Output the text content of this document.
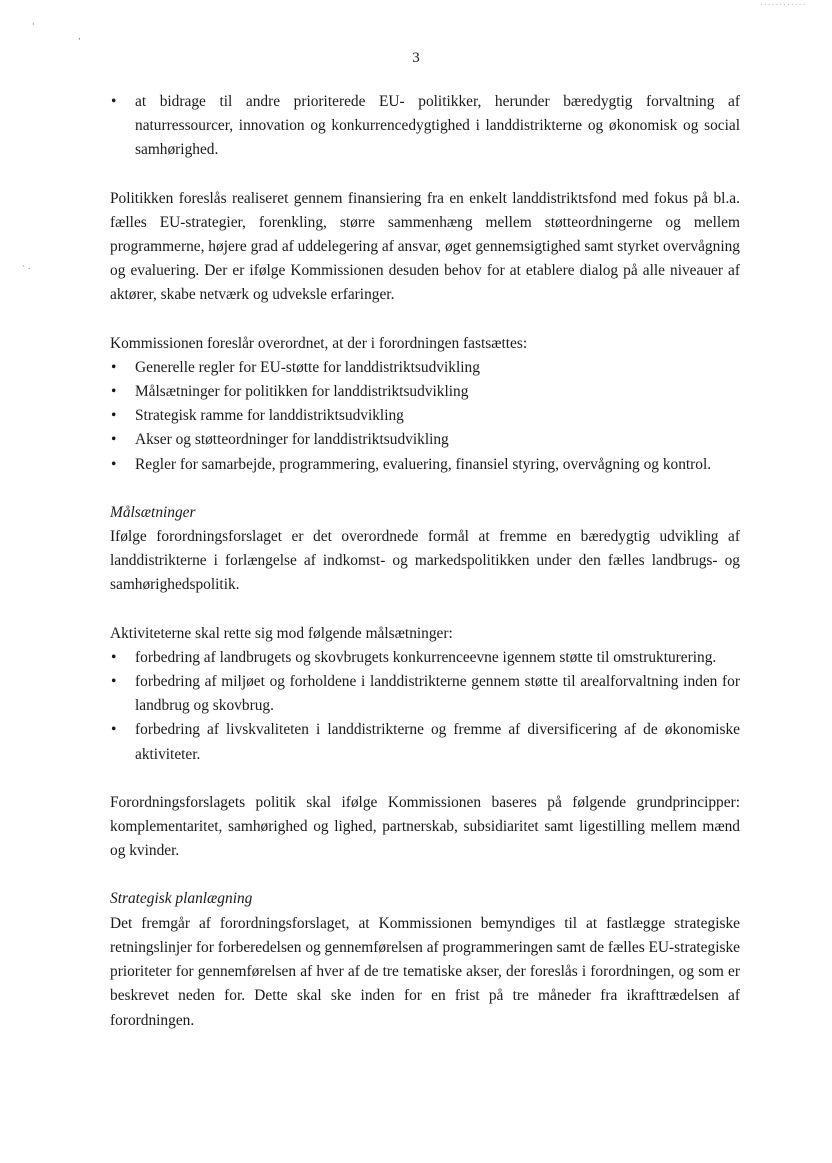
3
• at bidrage til andre prioriterede EU- politikker, herunder bæredygtig forvaltning af naturressourcer, innovation og konkurrencedygtighed i landdistrikterne og økonomisk og social samhørighed.

Politikken foreslås realiseret gennem finansiering fra en enkelt landdistriktsfond med fokus på bl.a. fælles EU-strategier, forenkling, større sammenhæng mellem støtteordningerne og mellem programmerne, højere grad af uddelegering af ansvar, øget gennemsigtighed samt styrket overvågning og evaluering. Der er ifølge Kommissionen desuden behov for at etablere dialog på alle niveauer af aktører, skabe netværk og udveksle erfaringer.

Kommissionen foreslår overordnet, at der i forordningen fastsættes:

• Generelle regler for EU-støtte for landdistriktsudvikling
• Målsætninger for politikken for landdistriktsudvikling
• Strategisk ramme for landdistriktsudvikling
• Akser og støtteordninger for landdistriktsudvikling
• Regler for samarbejde, programmering, evaluering, finansiel styring, overvågning og kontrol.

Målsætninger

Ifølge forordningsforslaget er det overordnede formål at fremme en bæredygtig udvikling af landdistrikterne i forlængelse af indkomst- og markedspolitikken under den fælles landbrugs- og samhørighedspolitik.

Aktiviteterne skal rette sig mod følgende målsætninger:

• forbedring af landbrugets og skovbrugets konkurrenceevne igennem støtte til omstrukturering.
• forbedring af miljøet og forholdene i landdistrikterne gennem støtte til arealforvaltning inden for landbrug og skovbrug.
• forbedring af livskvaliteten i landdistrikterne og fremme af diversificering af de økonomiske aktiviteter.

Forordningsforslagets politik skal ifølge Kommissionen baseres på følgende grundprincipper: komplementaritet, samhørighed og lighed, partnerskab, subsidiaritet samt ligestilling mellem mænd og kvinder.

Strategisk planlægning

Det fremgår af forordningsforslaget, at Kommissionen bemyndiges til at fastlægge strategiske retningslinjer for forberedelsen og gennemførelsen af programmeringen samt de fælles EU-strategiske prioriteter for gennemførelsen af hver af de tre tematiske akser, der foreslås i forordningen, og som er beskrevet neden for. Dette skal ske inden for en frist på tre måneder fra ikrafttrædelsen af forordningen.

'
,
· .
............
